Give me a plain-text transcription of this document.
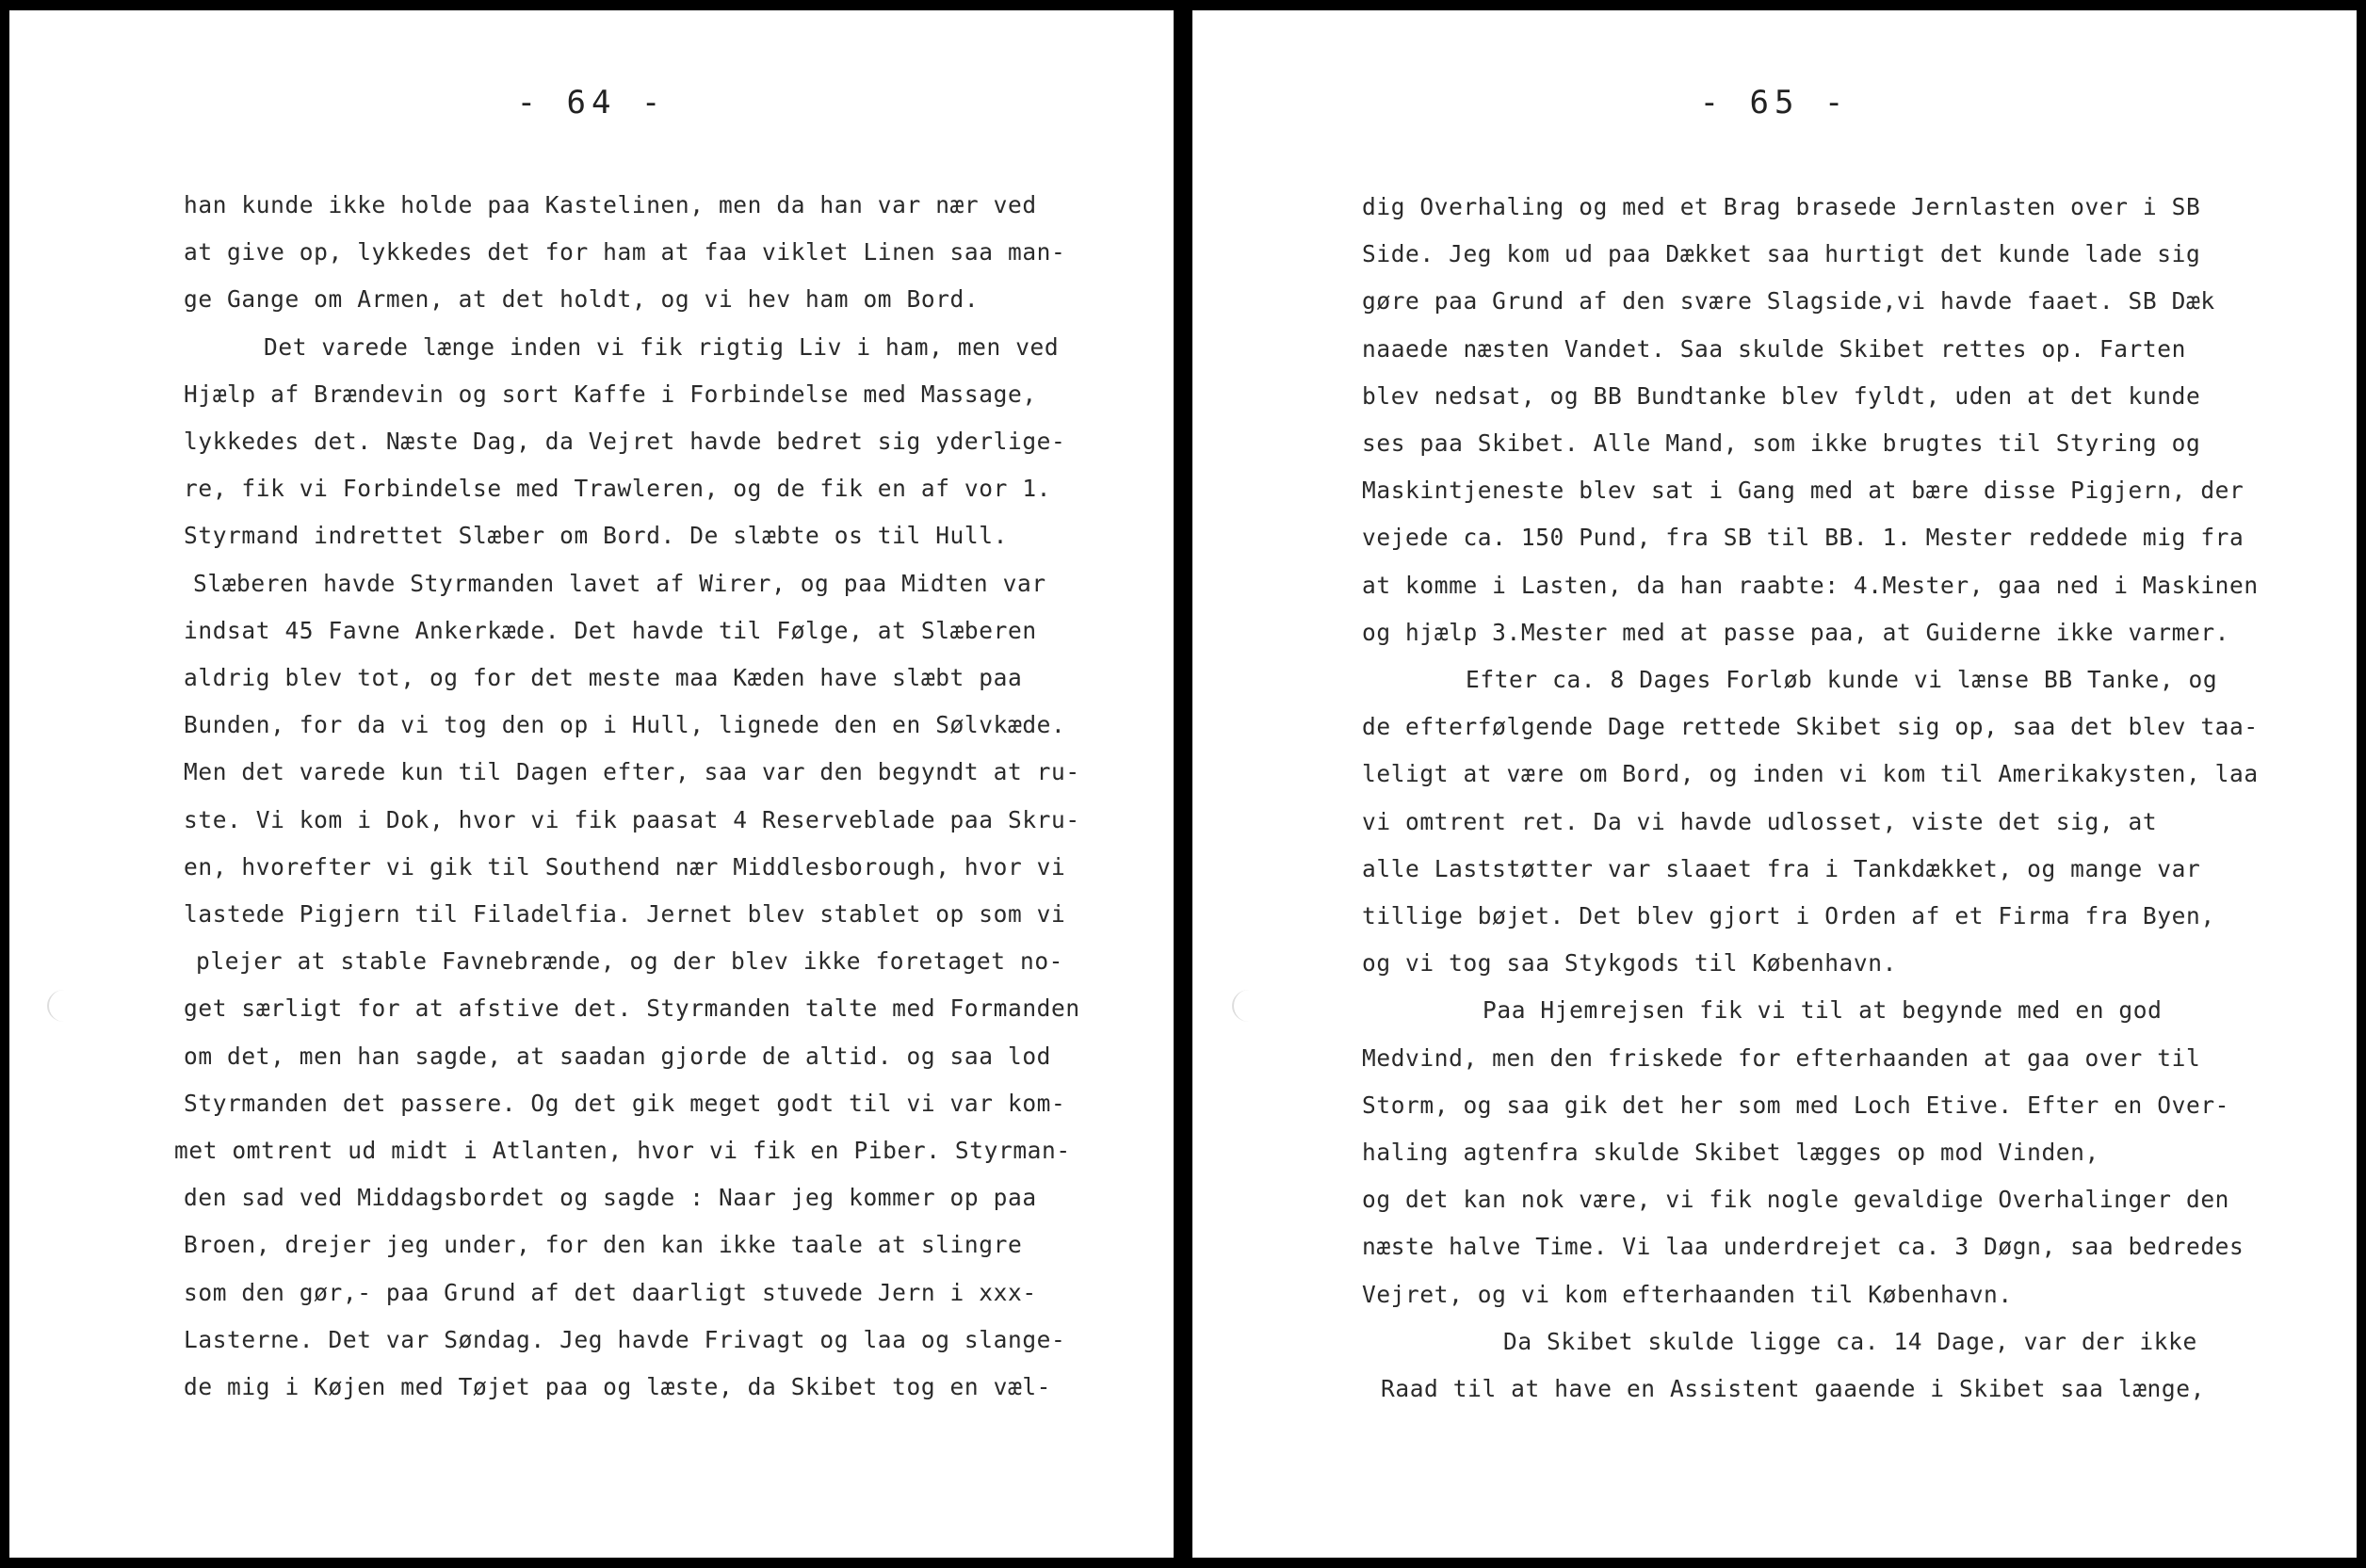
- 64 -
han kunde ikke holde paa Kastelinen, men da han var nær ved
at give op, lykkedes det for ham at faa viklet Linen saa man-
ge Gange om Armen, at det holdt, og vi hev ham om Bord.
Det varede længe inden vi fik rigtig Liv i ham, men ved
Hjælp af Brændevin og sort Kaffe i Forbindelse med Massage,
lykkedes det. Næste Dag, da Vejret havde bedret sig yderlige-
re, fik vi Forbindelse med Trawleren, og de fik en af vor 1.
Styrmand indrettet Slæber om Bord. De slæbte os til Hull.
Slæberen havde Styrmanden lavet af Wirer, og paa Midten var
indsat 45 Favne Ankerkæde. Det havde til Følge, at Slæberen
aldrig blev tot, og for det meste maa Kæden have slæbt paa
Bunden, for da vi tog den op i Hull, lignede den en Sølvkæde.
Men det varede kun til Dagen efter, saa var den begyndt at ru-
ste. Vi kom i Dok, hvor vi fik paasat 4 Reserveblade paa Skru-
en, hvorefter vi gik til Southend nær Middlesborough, hvor vi
lastede Pigjern til Filadelfia. Jernet blev stablet op som vi
plejer at stable Favnebrænde, og der blev ikke foretaget no-
get særligt for at afstive det. Styrmanden talte med Formanden
om det, men han sagde, at saadan gjorde de altid. og saa lod
Styrmanden det passere. Og det gik meget godt til vi var kom-
met omtrent ud midt i Atlanten, hvor vi fik en Piber. Styrman-
den sad ved Middagsbordet og sagde : Naar jeg kommer op paa
Broen, drejer jeg under, for den kan ikke taale at slingre
som den gør,- paa Grund af det daarligt stuvede Jern i xxx-
Lasterne. Det var Søndag. Jeg havde Frivagt og laa og slange-
de mig i Køjen med Tøjet paa og læste, da Skibet tog en væl-
- 65 -
dig Overhaling og med et Brag brasede Jernlasten over i SB
Side. Jeg kom ud paa Dækket saa hurtigt det kunde lade sig
gøre paa Grund af den svære Slagside,vi havde faaet. SB Dæk
naaede næsten Vandet. Saa skulde Skibet rettes op. Farten
blev nedsat, og BB Bundtanke blev fyldt, uden at det kunde
ses paa Skibet. Alle Mand, som ikke brugtes til Styring og
Maskintjeneste blev sat i Gang med at bære disse Pigjern, der
vejede ca. 150 Pund, fra SB til BB. 1. Mester reddede mig fra
at komme i Lasten, da han raabte: 4.Mester, gaa ned i Maskinen
og hjælp 3.Mester med at passe paa, at Guiderne ikke varmer.
Efter ca. 8 Dages Forløb kunde vi lænse BB Tanke, og
de efterfølgende Dage rettede Skibet sig op, saa det blev taa-
leligt at være om Bord, og inden vi kom til Amerikakysten, laa
vi omtrent ret. Da vi havde udlosset, viste det sig, at
alle Laststøtter var slaaet fra i Tankdækket, og mange var
tillige bøjet. Det blev gjort i Orden af et Firma fra Byen,
og vi tog saa Stykgods til København.
Paa Hjemrejsen fik vi til at begynde med en god
Medvind, men den friskede for efterhaanden at gaa over til
Storm, og saa gik det her som med Loch Etive. Efter en Over-
haling agtenfra skulde Skibet lægges op mod Vinden,
og det kan nok være, vi fik nogle gevaldige Overhalinger den
næste halve Time. Vi laa underdrejet ca. 3 Døgn, saa bedredes
Vejret, og vi kom efterhaanden til København.
Da Skibet skulde ligge ca. 14 Dage, var der ikke
Raad til at have en Assistent gaaende i Skibet saa længe,
